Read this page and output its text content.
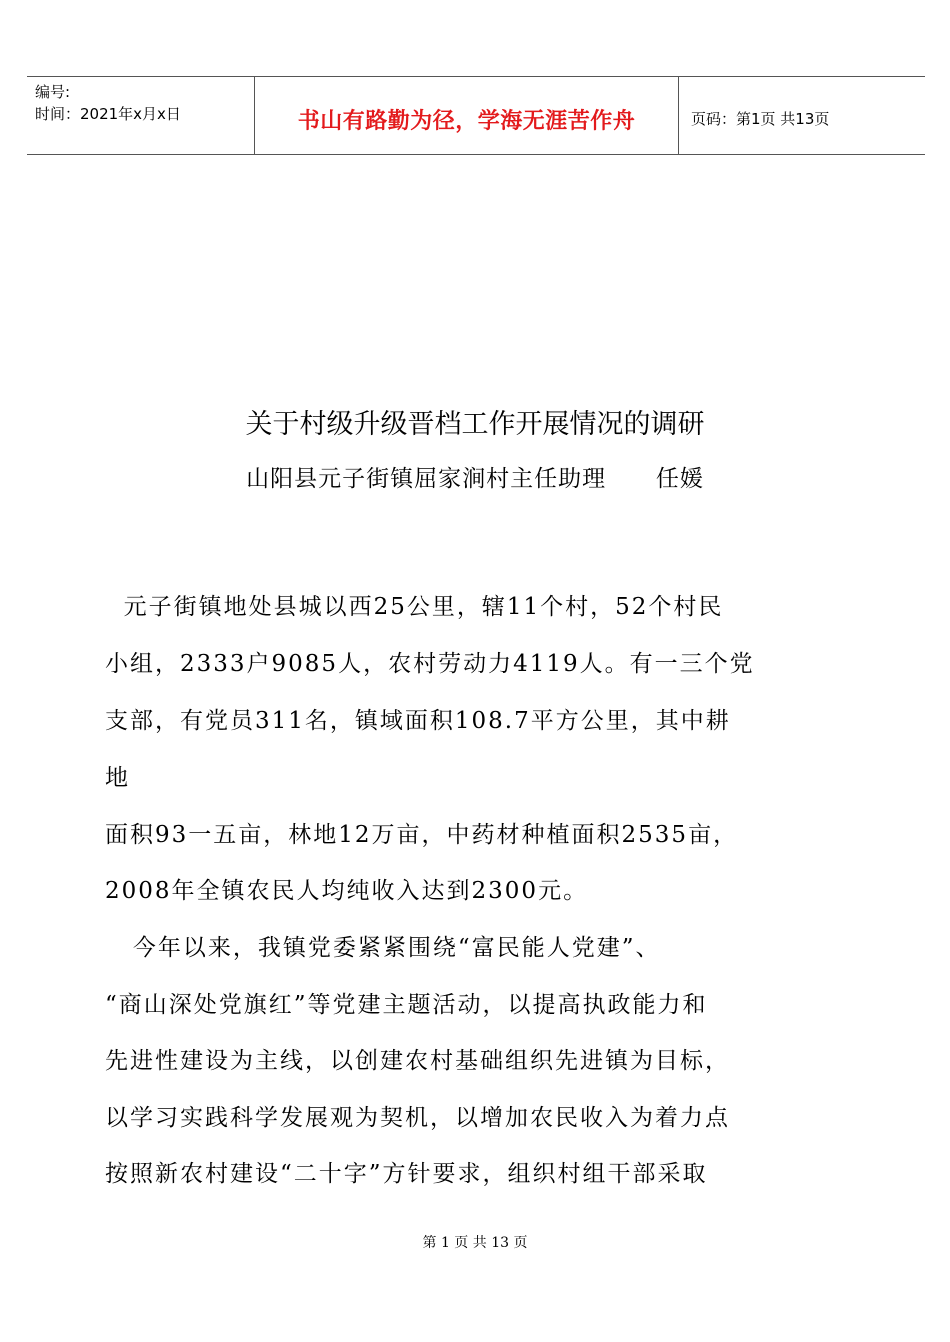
编号:
时间：2021年x月x日	书山有路勤为径，学海无涯苦作舟	页码：第1页 共13页
关于村级升级晋档工作开展情况的调研
山阳县元子街镇屈家涧村主任助理      任媛
元子街镇地处县城以西25公里，辖11个村，52个村民
小组，2333户9085人，农村劳动力4119人。有一三个党
支部，有党员311名，镇域面积108.7平方公里，其中耕
地
面积93一五亩，林地12万亩，中药材种植面积2535亩，
2008年全镇农民人均纯收入达到2300元。
今年以来，我镇党委紧紧围绕“富民能人党建”、
“商山深处党旗红”等党建主题活动，以提高执政能力和
先进性建设为主线，以创建农村基础组织先进镇为目标，
以学习实践科学发展观为契机，以增加农民收入为着力点
按照新农村建设“二十字”方针要求，组织村组干部采取
第 1 页 共 13 页
